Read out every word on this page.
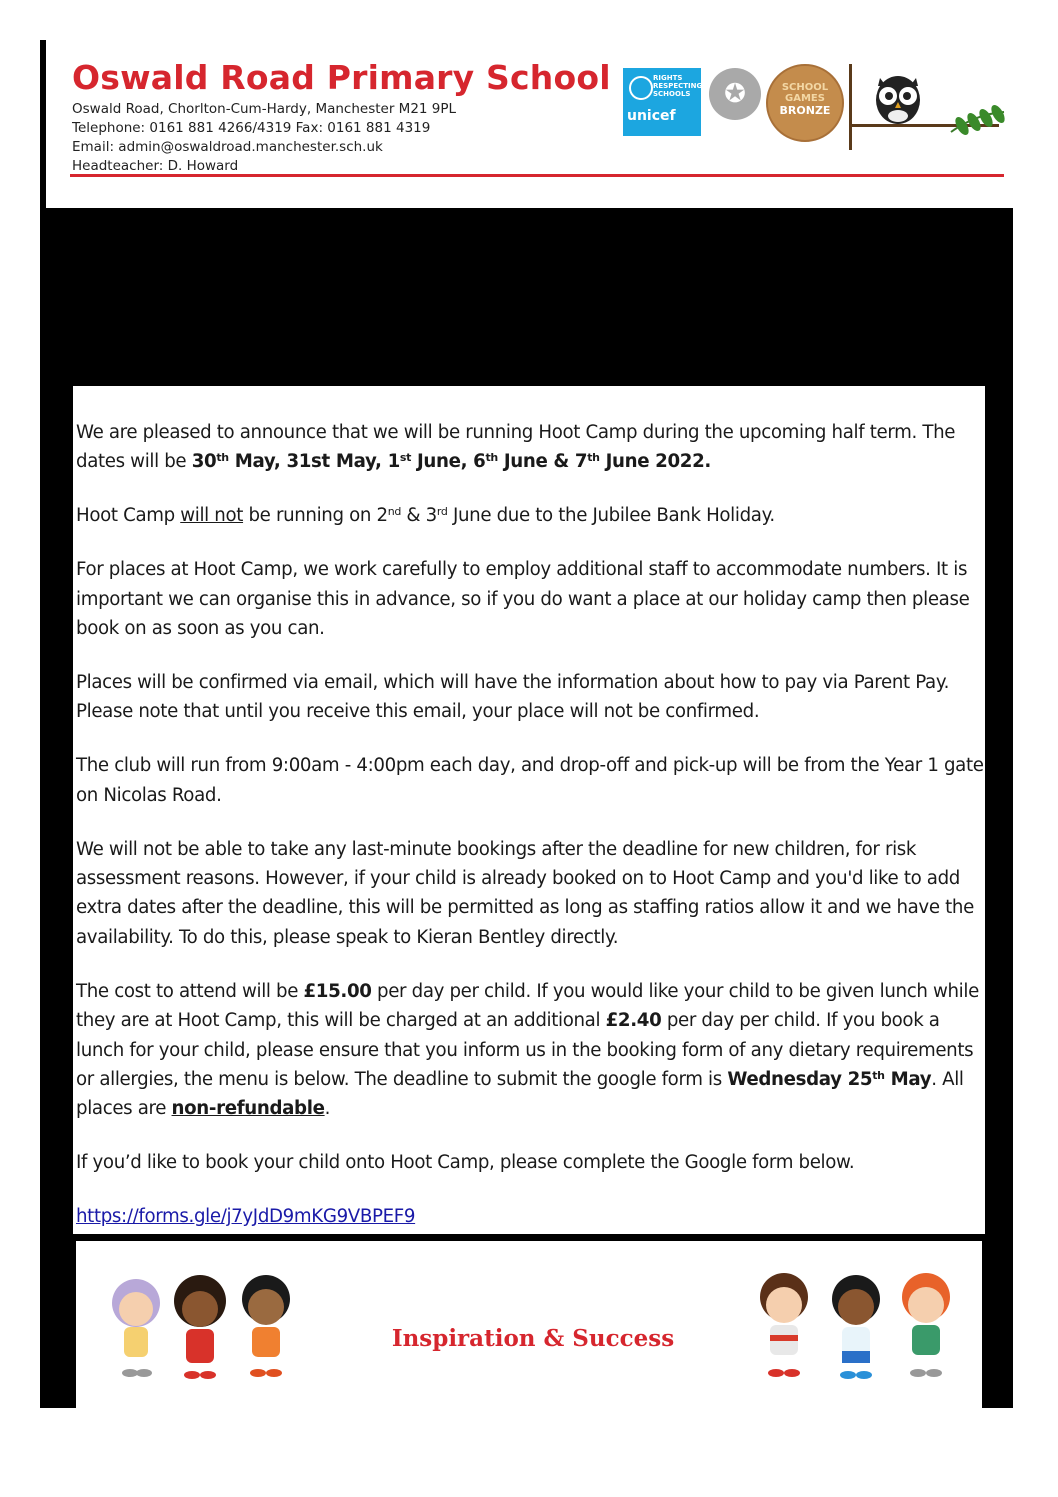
Oswald Road Primary School
Oswald Road, Chorlton-Cum-Hardy, Manchester M21 9PL
Telephone: 0161 881 4266/4319 Fax: 0161 881 4319
Email: admin@oswaldroad.manchester.sch.uk
Headteacher: D. Howard
RIGHTS RESPECTING SCHOOLS
unicef
✪	SCHOOL GAMES
BRONZE

We are pleased to announce that we will be running Hoot Camp during the upcoming half term. The dates will be 30th May, 31st May, 1st June, 6th June & 7th June 2022.

Hoot Camp will not be running on 2nd & 3rd June due to the Jubilee Bank Holiday.

For places at Hoot Camp, we work carefully to employ additional staff to accommodate numbers. It is important we can organise this in advance, so if you do want a place at our holiday camp then please book on as soon as you can.

Places will be confirmed via email, which will have the information about how to pay via Parent Pay. Please note that until you receive this email, your place will not be confirmed.

The club will run from 9:00am - 4:00pm each day, and drop-off and pick-up will be from the Year 1 gate on Nicolas Road.

We will not be able to take any last-minute bookings after the deadline for new children, for risk assessment reasons. However, if your child is already booked on to Hoot Camp and you'd like to add extra dates after the deadline, this will be permitted as long as staffing ratios allow it and we have the availability. To do this, please speak to Kieran Bentley directly.

The cost to attend will be £15.00 per day per child. If you would like your child to be given lunch while they are at Hoot Camp, this will be charged at an additional £2.40 per day per child. If you book a lunch for your child, please ensure that you inform us in the booking form of any dietary requirements or allergies, the menu is below. The deadline to submit the google form is Wednesday 25th May. All places are non-refundable.

If you’d like to book your child onto Hoot Camp, please complete the Google form below.

https://forms.gle/j7yJdD9mKG9VBPEF9

Inspiration & Success
